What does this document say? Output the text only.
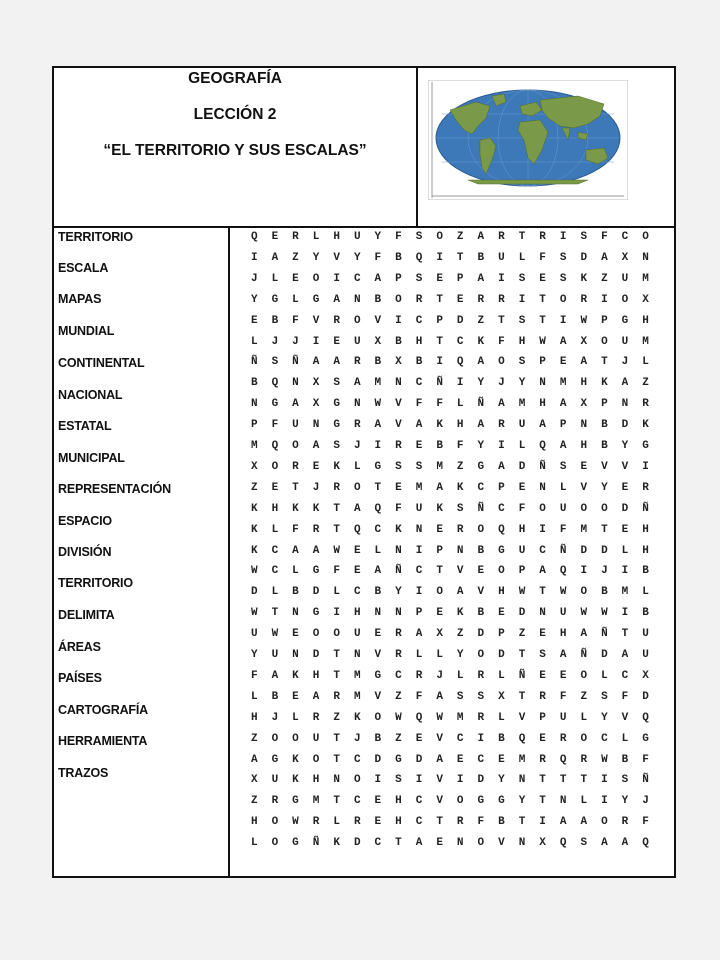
GEOGRAFÍA
LECCIÓN 2
“EL TERRITORIO Y SUS ESCALAS”
TERRITORIO
ESCALA
MAPAS
MUNDIAL
CONTINENTAL
NACIONAL
ESTATAL
MUNICIPAL
REPRESENTACIÓN
ESPACIO
DIVISIÓN
TERRITORIO
DELIMITA
ÁREAS
PAÍSES
CARTOGRAFÍA
HERRAMIENTA
TRAZOS
Q	E	R	L	H	U	Y	F	S	O	Z	A	R	T	R	I	S	F	C	O
I	A	Z	Y	V	Y	F	B	Q	I	T	B	U	L	F	S	D	A	X	N
J	L	E	O	I	C	A	P	S	E	P	A	I	S	E	S	K	Z	U	M
Y	G	L	G	A	N	B	O	R	T	E	R	R	I	T	O	R	I	O	X
E	B	F	V	R	O	V	I	C	P	D	Z	T	S	T	I	W	P	G	H
L	J	J	I	E	U	X	B	H	T	C	K	F	H	W	A	X	O	U	M
Ñ	S	Ñ	A	A	R	B	X	B	I	Q	A	O	S	P	E	A	T	J	L
B	Q	N	X	S	A	M	N	C	Ñ	I	Y	J	Y	N	M	H	K	A	Z
N	G	A	X	G	N	W	V	F	F	L	Ñ	A	M	H	A	X	P	N	R
P	F	U	N	G	R	A	V	A	K	H	A	R	U	A	P	N	B	D	K
M	Q	O	A	S	J	I	R	E	B	F	Y	I	L	Q	A	H	B	Y	G
X	O	R	E	K	L	G	S	S	M	Z	G	A	D	Ñ	S	E	V	V	I
Z	E	T	J	R	O	T	E	M	A	K	C	P	E	N	L	V	Y	E	R
K	H	K	K	T	A	Q	F	U	K	S	Ñ	C	F	O	U	O	O	D	Ñ
K	L	F	R	T	Q	C	K	N	E	R	O	Q	H	I	F	M	T	E	H
K	C	A	A	W	E	L	N	I	P	N	B	G	U	C	Ñ	D	D	L	H
W	C	L	G	F	E	A	Ñ	C	T	V	E	O	P	A	Q	I	J	I	B
D	L	B	D	L	C	B	Y	I	O	A	V	H	W	T	W	O	B	M	L
W	T	N	G	I	H	N	N	P	E	K	B	E	D	N	U	W	W	I	B
U	W	E	O	O	U	E	R	A	X	Z	D	P	Z	E	H	A	Ñ	T	U
Y	U	N	D	T	N	V	R	L	L	Y	O	D	T	S	A	Ñ	D	A	U
F	A	K	H	T	M	G	C	R	J	L	R	L	Ñ	E	E	O	L	C	X
L	B	E	A	R	M	V	Z	F	A	S	S	X	T	R	F	Z	S	F	D
H	J	L	R	Z	K	O	W	Q	W	M	R	L	V	P	U	L	Y	V	Q
Z	O	O	U	T	J	B	Z	E	V	C	I	B	Q	E	R	O	C	L	G
A	G	K	O	T	C	D	G	D	A	E	C	E	M	R	Q	R	W	B	F
X	U	K	H	N	O	I	S	I	V	I	D	Y	N	T	T	T	I	S	Ñ
Z	R	G	M	T	C	E	H	C	V	O	G	G	Y	T	N	L	I	Y	J
H	O	W	R	L	R	E	H	C	T	R	F	B	T	I	A	A	O	R	F
L	O	G	Ñ	K	D	C	T	A	E	N	O	V	N	X	Q	S	A	A	Q
